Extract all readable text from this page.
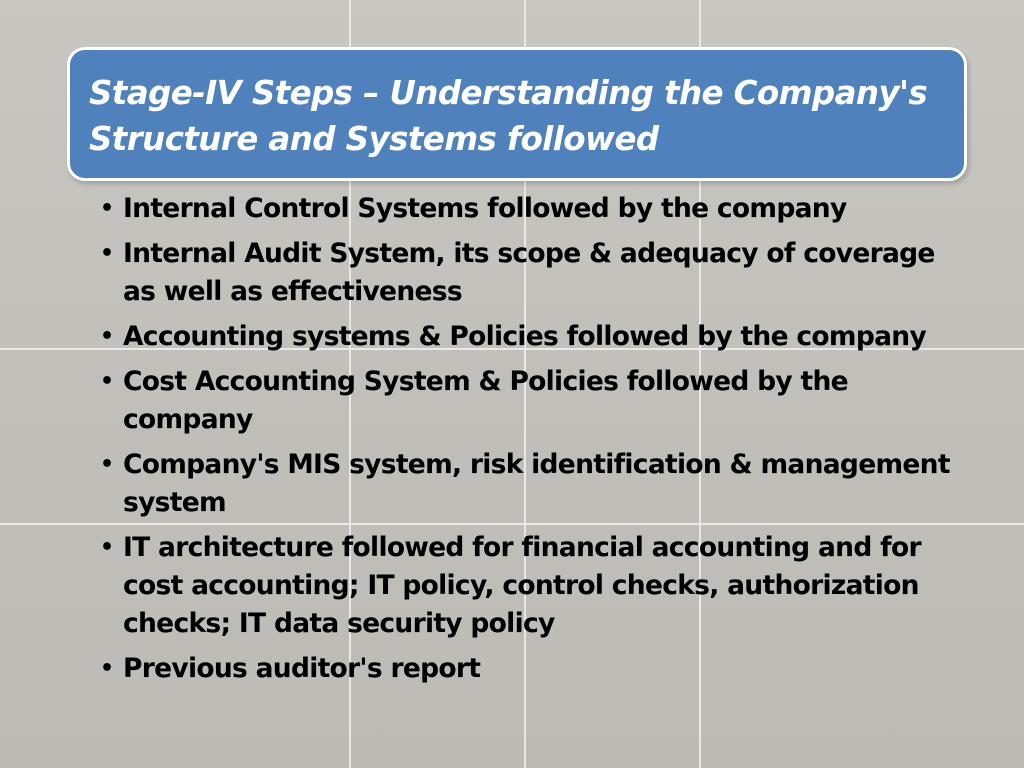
Stage-IV Steps – Understanding the Company's
Structure and Systems followed
• Internal Control Systems followed by the company
• Internal Audit System, its scope & adequacy of coverage
as well as effectiveness
• Accounting systems & Policies followed by the company
• Cost Accounting System & Policies followed by the
company
• Company's MIS system, risk identification & management
system
• IT architecture followed for financial accounting and for
cost accounting; IT policy, control checks, authorization
checks; IT data security policy
• Previous auditor's report
